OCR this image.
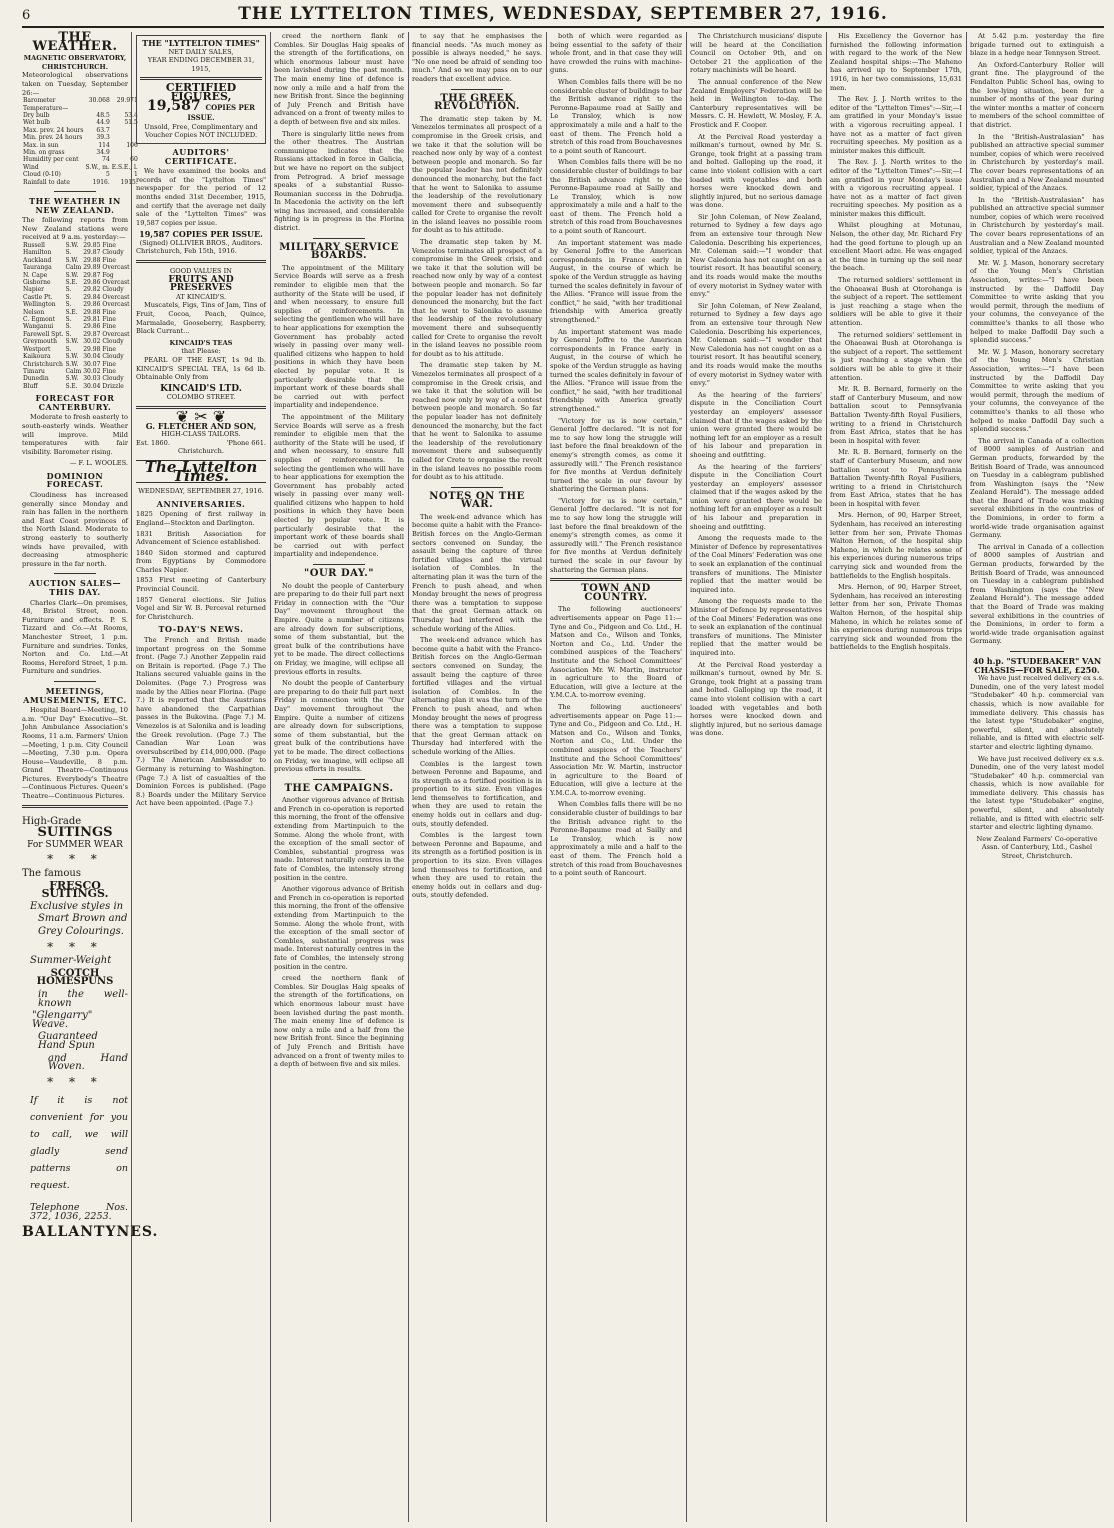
6	THE LYTTELTON TIMES, WEDNESDAY, SEPTEMBER 27, 1916.
THE WEATHER.
MAGNETIC OBSERVATORY, CHRISTCHURCH.
Meteorological observations taken on Tuesday, September 26:—
Barometer	30.068	29.971
Temperature—		
Dry bulb	48.5	53.4
Wet bulb	44.9	51.5
Max. prev. 24 hours	63.7	
Min. prev. 24 hours	39.3	
Max. in sun	114	106
Min. on grass	34.9	
Humidity per cent	74	60
Wind	S.W., m.	E.S.E., l.
Cloud (0-10)	5	1
Rainfall to date	1916.	1915.
THE WEATHER IN NEW ZEALAND.
The following reports from New Zealand stations were received at 9 a.m. yesterday:—
Russell	S.W.	29.85	Fine
Hamilton	S.	29.87	Cloudy
Auckland	S.W.	29.88	Fine
Tauranga	Calm	29.89	Overcast
N. Cape	S.W.	29.87	Fog
Gisborne	S.E.	29.86	Overcast
Napier	S.	29.82	Cloudy
Castle Pt.	S.	29.84	Overcast
Wellington	S.	29.86	Overcast
Nelson	S.E.	29.88	Fine
C. Egmont	S.	29.81	Fine
Wanganui	S.	29.86	Fine
Farewell Spt.	S.	29.87	Overcast
Greymouth	S.W.	30.02	Cloudy
Westport	S.	29.98	Fine
Kaikoura	S.W.	30.04	Cloudy
Christchurch	S.W.	30.07	Fine
Timaru	Calm	30.02	Fine
Dunedin	S.W.	30.03	Cloudy
Bluff	S.E.	30.04	Drizzle
FORECAST FOR CANTERBURY.

Moderate to fresh easterly to south-easterly winds. Weather will improve. Mild temperatures with fair visibility. Barometer rising.

— F. L. WOOLES.
DOMINION FORECAST.

Cloudiness has increased generally since Monday and rain has fallen in the northern and East Coast provinces of the North Island. Moderate to strong easterly to southerly winds have prevailed, with decreasing atmospheric pressure in the far north.

AUCTION SALES—THIS DAY.

Charles Clark—On premises, 48, Bristol Street, noon. Furniture and effects. P. S. Tizzard and Co.—At Rooms, Manchester Street, 1 p.m. Furniture and sundries. Tonks, Norton and Co. Ltd.—At Rooms, Hereford Street, 1 p.m. Furniture and sundries.

MEETINGS, AMUSEMENTS, ETC.

Hospital Board—Meeting, 10 a.m. "Our Day" Executive—St. John Ambulance Association's Rooms, 11 a.m. Farmers' Union—Meeting, 1 p.m. City Council—Meeting, 7.30 p.m. Opera House—Vaudeville, 8 p.m. Grand Theatre—Continuous Pictures. Everybody's Theatre—Continuous Pictures. Queen's Theatre—Continuous Pictures.

High-Grade
SUITINGS
For SUMMER WEAR
* * *
The famous
FRESCO SUITINGS.
Exclusive styles in
Smart Brown and
Grey Colourings.
* * *
Summer-Weight
SCOTCH HOMESPUNS
in the well-known
"Glengarry" Weave.
Guaranteed Hand Spun
and Hand Woven.
* * *
If it is not convenient for you to call, we will gladly send patterns on request.
Telephone Nos. 372, 1036, 2253.
BALLANTYNES.
THE "LYTTELTON TIMES"
NET DAILY SALES,
YEAR ENDING DECEMBER 31, 1915,
CERTIFIED FIGURES,
19,587 COPIES PER ISSUE.
Unsold, Free, Complimentary and Voucher Copies NOT INCLUDED.
AUDITORS' CERTIFICATE.

We have examined the books and records of the "Lyttelton Times" newspaper for the period of 12 months ended 31st December, 1915, and certify that the average net daily sale of the "Lyttelton Times" was 19,587 copies per issue.

19,587 COPIES PER ISSUE.
(Signed) OLLIVIER BROS., Auditors.
Christchurch, Feb 15th, 1916.
GOOD VALUES IN
FRUITS AND PRESERVES
AT KINCAID'S.

Muscatels, Figs, Tins of Jam, Tins of Fruit, Cocoa, Peach, Quince, Marmalade, Gooseberry, Raspberry, Black Currant...

KINCAID'S TEAS
that Please:

PEARL OF THE EAST, 1s 9d lb. KINCAID'S SPECIAL TEA, 1s 6d lb. Obtainable Only from

KINCAID'S LTD.
COLOMBO STREET.
❦ ✂ ❦
G. FLETCHER AND SON,
HIGH-CLASS TAILORS.
Est. 1860.	'Phone 661.
Christchurch.
The Lyttelton Times.
WEDNESDAY, SEPTEMBER 27, 1916.
ANNIVERSARIES.
1825 Opening of first railway in England—Stockton and Darlington.
1831 British Association for Advancement of Science established.
1840 Sidon stormed and captured from Egyptians by Commodore Charles Napier.
1853 First meeting of Canterbury Provincial Council.
1857 General elections. Sir Julius Vogel and Sir W. B. Perceval returned for Christchurch.
TO-DAY'S NEWS.

The French and British made important progress on the Somme front. (Page 7.) Another Zeppelin raid on Britain is reported. (Page 7.) The Italians secured valuable gains in the Dolomites. (Page 7.) Progress was made by the Allies near Florina. (Page 7.) It is reported that the Austrians have abandoned the Carpathian passes in the Bukovina. (Page 7.) M. Venezelos is at Salonika and is leading the Greek revolution. (Page 7.) The Canadian War Loan was oversubscribed by £14,000,000. (Page 7.) The American Ambassador to Germany is returning to Washington. (Page 7.) A list of casualties of the Dominion Forces is published. (Page 8.) Boards under the Military Service Act have been appointed. (Page 7.)

creed the northern flank of Combles. Sir Douglas Haig speaks of the strength of the fortifications, on which enormous labour must have been lavished during the past month. The main enemy line of defence is now only a mile and a half from the new British front. Since the beginning of July French and British have advanced on a front of twenty miles to a depth of between five and six miles.

There is singularly little news from the other theatres. The Austrian communique indicates that the Russians attacked in force in Galicia, but we have no report on the subject from Petrograd. A brief message speaks of a substantial Russo-Roumanian success in the Dobrudja. In Macedonia the activity on the left wing has increased, and considerable fighting is in progress in the Florina district.

MILITARY SERVICE BOARDS.

The appointment of the Military Service Boards will serve as a fresh reminder to eligible men that the authority of the State will be used, if and when necessary, to ensure full supplies of reinforcements. In selecting the gentlemen who will have to hear applications for exemption the Government has probably acted wisely in passing over many well-qualified citizens who happen to hold positions in which they have been elected by popular vote. It is particularly desirable that the important work of these boards shall be carried out with perfect impartiality and independence.

The appointment of the Military Service Boards will serve as a fresh reminder to eligible men that the authority of the State will be used, if and when necessary, to ensure full supplies of reinforcements. In selecting the gentlemen who will have to hear applications for exemption the Government has probably acted wisely in passing over many well-qualified citizens who happen to hold positions in which they have been elected by popular vote. It is particularly desirable that the important work of these boards shall be carried out with perfect impartiality and independence.

"OUR DAY."

No doubt the people of Canterbury are preparing to do their full part next Friday in connection with the "Our Day" movement throughout the Empire. Quite a number of citizens are already down for subscriptions, some of them substantial, but the great bulk of the contributions have yet to be made. The direct collections on Friday, we imagine, will eclipse all previous efforts in results.

No doubt the people of Canterbury are preparing to do their full part next Friday in connection with the "Our Day" movement throughout the Empire. Quite a number of citizens are already down for subscriptions, some of them substantial, but the great bulk of the contributions have yet to be made. The direct collections on Friday, we imagine, will eclipse all previous efforts in results.

THE CAMPAIGNS.

Another vigorous advance of British and French in co-operation is reported this morning, the front of the offensive extending from Martinpuich to the Somme. Along the whole front, with the exception of the small sector of Combles, substantial progress was made. Interest naturally centres in the fate of Combles, the intensely strong position in the centre.

Another vigorous advance of British and French in co-operation is reported this morning, the front of the offensive extending from Martinpuich to the Somme. Along the whole front, with the exception of the small sector of Combles, substantial progress was made. Interest naturally centres in the fate of Combles, the intensely strong position in the centre.

creed the northern flank of Combles. Sir Douglas Haig speaks of the strength of the fortifications, on which enormous labour must have been lavished during the past month. The main enemy line of defence is now only a mile and a half from the new British front. Since the beginning of July French and British have advanced on a front of twenty miles to a depth of between five and six miles.

to say that he emphasises the financial needs. "As much money as possible is always needed," he says. "No one need be afraid of sending too much." And so we may pass on to our readers that excellent advice.

THE GREEK REVOLUTION.

The dramatic step taken by M. Venezelos terminates all prospect of a compromise in the Greek crisis, and we take it that the solution will be reached now only by way of a contest between people and monarch. So far the popular leader has not definitely denounced the monarchy, but the fact that he went to Salonika to assume the leadership of the revolutionary movement there and subsequently called for Crete to organise the revolt in the island leaves no possible room for doubt as to his attitude.

The dramatic step taken by M. Venezelos terminates all prospect of a compromise in the Greek crisis, and we take it that the solution will be reached now only by way of a contest between people and monarch. So far the popular leader has not definitely denounced the monarchy, but the fact that he went to Salonika to assume the leadership of the revolutionary movement there and subsequently called for Crete to organise the revolt in the island leaves no possible room for doubt as to his attitude.

The dramatic step taken by M. Venezelos terminates all prospect of a compromise in the Greek crisis, and we take it that the solution will be reached now only by way of a contest between people and monarch. So far the popular leader has not definitely denounced the monarchy, but the fact that he went to Salonika to assume the leadership of the revolutionary movement there and subsequently called for Crete to organise the revolt in the island leaves no possible room for doubt as to his attitude.

NOTES ON THE WAR.

The week-end advance which has become quite a habit with the Franco-British forces on the Anglo-German sectors convened on Sunday, the assault being the capture of three fortified villages and the virtual isolation of Combles. In the alternating plan it was the turn of the French to push ahead, and when Monday brought the news of progress there was a temptation to suppose that the great German attack on Thursday had interfered with the schedule working of the Allies.

The week-end advance which has become quite a habit with the Franco-British forces on the Anglo-German sectors convened on Sunday, the assault being the capture of three fortified villages and the virtual isolation of Combles. In the alternating plan it was the turn of the French to push ahead, and when Monday brought the news of progress there was a temptation to suppose that the great German attack on Thursday had interfered with the schedule working of the Allies.

Combles is the largest town between Peronne and Bapaume, and its strength as a fortified position is in proportion to its size. Even villages lend themselves to fortification, and when they are used to retain the enemy holds out in cellars and dug-outs, stoutly defended.

Combles is the largest town between Peronne and Bapaume, and its strength as a fortified position is in proportion to its size. Even villages lend themselves to fortification, and when they are used to retain the enemy holds out in cellars and dug-outs, stoutly defended.

both of which were regarded as being essential to the safety of their whole front, and in that case they will have crowded the ruins with machine-guns.

When Combles falls there will be no considerable cluster of buildings to bar the British advance right to the Peronne-Bapaume road at Sailly and Le Transloy, which is now approximately a mile and a half to the east of them. The French hold a stretch of this road from Bouchavesnes to a point south of Rancourt.

When Combles falls there will be no considerable cluster of buildings to bar the British advance right to the Peronne-Bapaume road at Sailly and Le Transloy, which is now approximately a mile and a half to the east of them. The French hold a stretch of this road from Bouchavesnes to a point south of Rancourt.

An important statement was made by General Joffre to the American correspondents in France early in August, in the course of which he spoke of the Verdun struggle as having turned the scales definitely in favour of the Allies. "France will issue from the conflict," he said, "with her traditional friendship with America greatly strengthened."

An important statement was made by General Joffre to the American correspondents in France early in August, in the course of which he spoke of the Verdun struggle as having turned the scales definitely in favour of the Allies. "France will issue from the conflict," he said, "with her traditional friendship with America greatly strengthened."

"Victory for us is now certain," General Joffre declared. "It is not for me to say how long the struggle will last before the final breakdown of the enemy's strength comes, as come it assuredly will." The French resistance for five months at Verdun definitely turned the scale in our favour by shattering the German plans.

"Victory for us is now certain," General Joffre declared. "It is not for me to say how long the struggle will last before the final breakdown of the enemy's strength comes, as come it assuredly will." The French resistance for five months at Verdun definitely turned the scale in our favour by shattering the German plans.

TOWN AND COUNTRY.

The following auctioneers' advertisements appear on Page 11:—Tyne and Co., Pidgeon and Co. Ltd., H. Matson and Co., Wilson and Tonks, Norton and Co., Ltd. Under the combined auspices of the Teachers' Institute and the School Committees' Association Mr. W. Martin, instructor in agriculture to the Board of Education, will give a lecture at the Y.M.C.A. to-morrow evening.

The following auctioneers' advertisements appear on Page 11:—Tyne and Co., Pidgeon and Co. Ltd., H. Matson and Co., Wilson and Tonks, Norton and Co., Ltd. Under the combined auspices of the Teachers' Institute and the School Committees' Association Mr. W. Martin, instructor in agriculture to the Board of Education, will give a lecture at the Y.M.C.A. to-morrow evening.

When Combles falls there will be no considerable cluster of buildings to bar the British advance right to the Peronne-Bapaume road at Sailly and Le Transloy, which is now approximately a mile and a half to the east of them. The French hold a stretch of this road from Bouchavesnes to a point south of Rancourt.

The Christchurch musicians' dispute will be heard at the Conciliation Council on October 9th, and on October 21 the application of the rotary machinists will be heard.

The annual conference of the New Zealand Employers' Federation will be held in Wellington to-day. The Canterbury representatives will be Messrs. C. H. Hewlett, W. Mosley, F. A. Frostick and F. Cooper.

At the Percival Road yesterday a milkman's turnout, owned by Mr. S. Grange, took fright at a passing tram and bolted. Galloping up the road, it came into violent collision with a cart loaded with vegetables and both horses were knocked down and slightly injured, but no serious damage was done.

Sir John Coleman, of New Zealand, returned to Sydney a few days ago from an extensive tour through New Caledonia. Describing his experiences, Mr. Coleman said:—"I wonder that New Caledonia has not caught on as a tourist resort. It has beautiful scenery, and its roads would make the mouths of every motorist in Sydney water with envy."

Sir John Coleman, of New Zealand, returned to Sydney a few days ago from an extensive tour through New Caledonia. Describing his experiences, Mr. Coleman said:—"I wonder that New Caledonia has not caught on as a tourist resort. It has beautiful scenery, and its roads would make the mouths of every motorist in Sydney water with envy."

As the hearing of the farriers' dispute in the Conciliation Court yesterday an employers' assessor claimed that if the wages asked by the union were granted there would be nothing left for an employer as a result of his labour and preparation in shoeing and outfitting.

As the hearing of the farriers' dispute in the Conciliation Court yesterday an employers' assessor claimed that if the wages asked by the union were granted there would be nothing left for an employer as a result of his labour and preparation in shoeing and outfitting.

Among the requests made to the Minister of Defence by representatives of the Coal Miners' Federation was one to seek an explanation of the continual transfers of munitions. The Minister replied that the matter would be inquired into.

Among the requests made to the Minister of Defence by representatives of the Coal Miners' Federation was one to seek an explanation of the continual transfers of munitions. The Minister replied that the matter would be inquired into.

At the Percival Road yesterday a milkman's turnout, owned by Mr. S. Grange, took fright at a passing tram and bolted. Galloping up the road, it came into violent collision with a cart loaded with vegetables and both horses were knocked down and slightly injured, but no serious damage was done.

His Excellency the Governor has furnished the following information with regard to the work of the New Zealand hospital ships:—The Maheno has arrived up to September 17th, 1916, in her two commissions, 15,631 men.

The Rev. J. J. North writes to the editor of the "Lyttelton Times":—Sir,—I am gratified in your Monday's issue with a vigorous recruiting appeal. I have not as a matter of fact given recruiting speeches. My position as a minister makes this difficult.

The Rev. J. J. North writes to the editor of the "Lyttelton Times":—Sir,—I am gratified in your Monday's issue with a vigorous recruiting appeal. I have not as a matter of fact given recruiting speeches. My position as a minister makes this difficult.

Whilst ploughing at Motunau, Nelson, the other day, Mr. Richard Fry had the good fortune to plough up an excellent Maori adze. He was engaged at the time in turning up the soil near the beach.

The returned soldiers' settlement in the Ohaeawai Bush at Otorohanga is the subject of a report. The settlement is just reaching a stage when the soldiers will be able to give it their attention.

The returned soldiers' settlement in the Ohaeawai Bush at Otorohanga is the subject of a report. The settlement is just reaching a stage when the soldiers will be able to give it their attention.

Mr. R. B. Bernard, formerly on the staff of Canterbury Museum, and now battalion scout to Pennsylvania Battalion Twenty-fifth Royal Fusiliers, writing to a friend in Christchurch from East Africa, states that he has been in hospital with fever.

Mr. R. B. Bernard, formerly on the staff of Canterbury Museum, and now battalion scout to Pennsylvania Battalion Twenty-fifth Royal Fusiliers, writing to a friend in Christchurch from East Africa, states that he has been in hospital with fever.

Mrs. Hernon, of 90, Harper Street, Sydenham, has received an interesting letter from her son, Private Thomas Walton Hernon, of the hospital ship Maheno, in which he relates some of his experiences during numerous trips carrying sick and wounded from the battlefields to the English hospitals.

Mrs. Hernon, of 90, Harper Street, Sydenham, has received an interesting letter from her son, Private Thomas Walton Hernon, of the hospital ship Maheno, in which he relates some of his experiences during numerous trips carrying sick and wounded from the battlefields to the English hospitals.

At 5.42 p.m. yesterday the fire brigade turned out to extinguish a blaze in a hedge near Tennyson Street.

An Oxford-Canterbury Roller will grant fine. The playground of the Fendalton Public School has, owing to the low-lying situation, been for a number of months of the year during the winter months a matter of concern to members of the school committee of that district.

In the "British-Australasian" has published an attractive special summer number, copies of which were received in Christchurch by yesterday's mail. The cover bears representations of an Australian and a New Zealand mounted soldier, typical of the Anzacs.

In the "British-Australasian" has published an attractive special summer number, copies of which were received in Christchurch by yesterday's mail. The cover bears representations of an Australian and a New Zealand mounted soldier, typical of the Anzacs.

Mr. W. J. Mason, honorary secretary of the Young Men's Christian Association, writes:—"I have been instructed by the Daffodil Day Committee to write asking that you would permit, through the medium of your columns, the conveyance of the committee's thanks to all those who helped to make Daffodil Day such a splendid success."

Mr. W. J. Mason, honorary secretary of the Young Men's Christian Association, writes:—"I have been instructed by the Daffodil Day Committee to write asking that you would permit, through the medium of your columns, the conveyance of the committee's thanks to all those who helped to make Daffodil Day such a splendid success."

The arrival in Canada of a collection of 8000 samples of Austrian and German products, forwarded by the British Board of Trade, was announced on Tuesday in a cablegram published from Washington (says the "New Zealand Herald"). The message added that the Board of Trade was making several exhibitions in the countries of the Dominions, in order to form a world-wide trade organisation against Germany.

The arrival in Canada of a collection of 8000 samples of Austrian and German products, forwarded by the British Board of Trade, was announced on Tuesday in a cablegram published from Washington (says the "New Zealand Herald"). The message added that the Board of Trade was making several exhibitions in the countries of the Dominions, in order to form a world-wide trade organisation against Germany.

40 h.p. "STUDEBAKER" VAN CHASSIS—FOR SALE, £250.

We have just received delivery ex s.s. Dunedin, one of the very latest model "Studebaker" 40 h.p. commercial van chassis, which is now available for immediate delivery. This chassis has the latest type "Studebaker" engine, powerful, silent, and absolutely reliable, and is fitted with electric self-starter and electric lighting dynamo.

We have just received delivery ex s.s. Dunedin, one of the very latest model "Studebaker" 40 h.p. commercial van chassis, which is now available for immediate delivery. This chassis has the latest type "Studebaker" engine, powerful, silent, and absolutely reliable, and is fitted with electric self-starter and electric lighting dynamo.

New Zealand Farmers' Co-operative Assn. of Canterbury, Ltd., Cashel Street, Christchurch.
